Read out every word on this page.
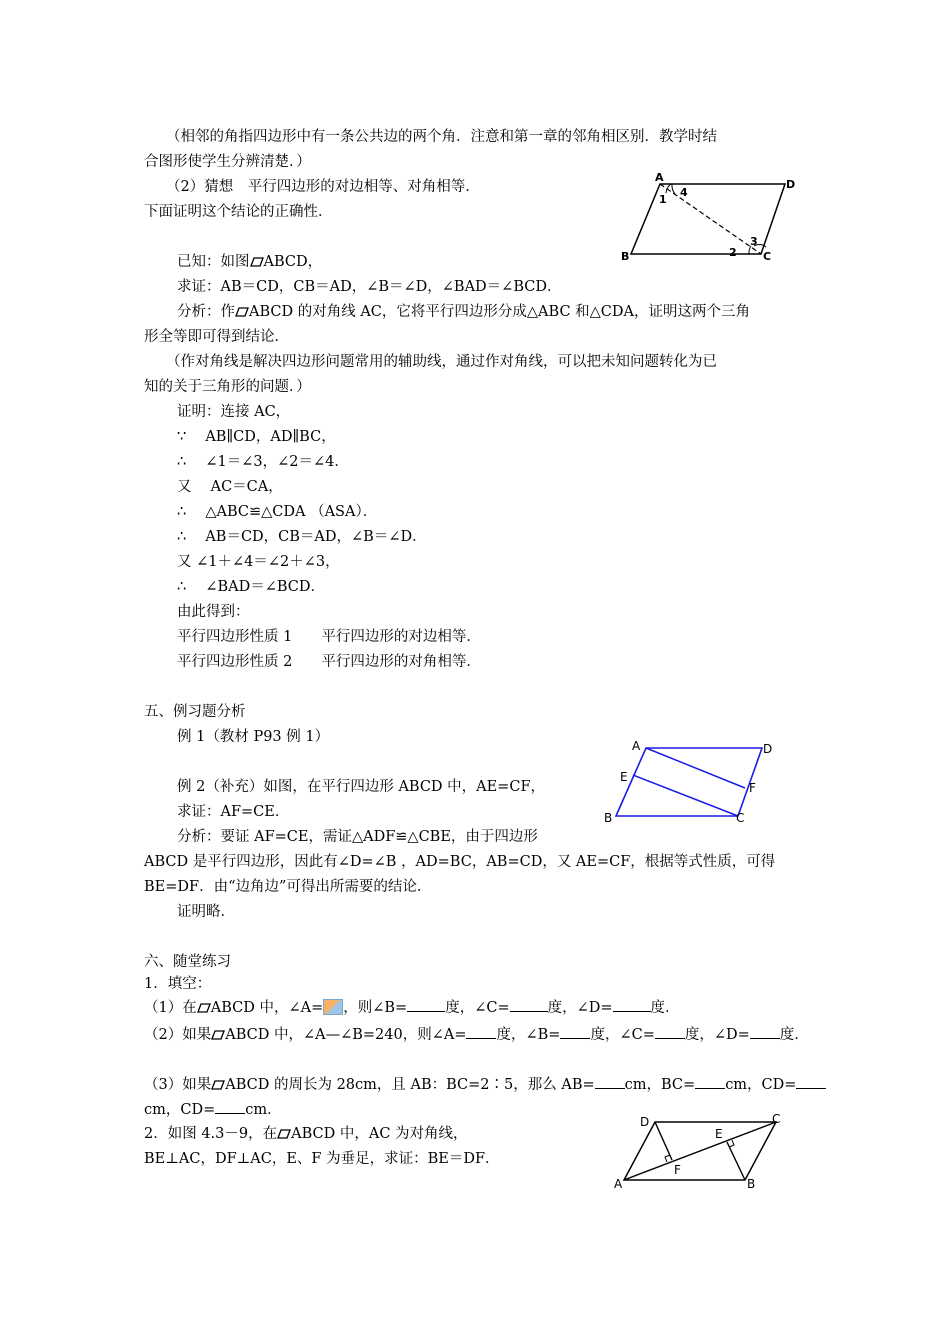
（相邻的角指四边形中有一条公共边的两个角．注意和第一章的邻角相区别．教学时结
合图形使学生分辨清楚．）
（2）猜想　平行四边形的对边相等、对角相等．
下面证明这个结论的正确性．
已知：如图 ABCD，
求证：AB＝CD，CB＝AD，∠B＝∠D，∠BAD＝∠BCD．
分析：作 ABCD 的对角线 AC，它将平行四边形分成△ABC 和△CDA，证明这两个三角
形全等即可得到结论．
（作对角线是解决四边形问题常用的辅助线，通过作对角线，可以把未知问题转化为已
知的关于三角形的问题．）
证明：连接 AC，
∵　 AB∥CD，AD∥BC，
∴　 ∠1＝∠3，∠2＝∠4．
又　 AC＝CA，
∴　 △ABC≌△CDA （ASA）．
∴　 AB＝CD，CB＝AD，∠B＝∠D．
又 ∠1＋∠4＝∠2＋∠3，
∴　 ∠BAD＝∠BCD．
由此得到：
平行四边形性质 1　　平行四边形的对边相等．
平行四边形性质 2　　平行四边形的对角相等．
A
D
B	C
1
4
2
3
五、例习题分析
例 1（教材 P93 例 1）
例 2（补充）如图，在平行四边形 ABCD 中，AE=CF，
求证：AF=CE．
分析：要证 AF=CE，需证△ADF≌△CBE，由于四边形
ABCD 是平行四边形，因此有∠D=∠B ，AD=BC，AB=CD，又 AE=CF，根据等式性质，可得
BE=DF．由“边角边”可得出所需要的结论．
证明略．
A	D
E
F
B	C
六、随堂练习
1．填空：
（1）在 ABCD 中，∠A= ，则∠B=	度，∠C=	度，∠D=	度．
（2）如果 ABCD 中，∠A—∠B=240，则∠A= 度，∠B= 度，∠C= 度，∠D= 度．
（3）如果 ABCD 的周长为 28cm，且 AB：BC=2∶5，那么 AB= cm，BC= cm，CD=
cm，CD= cm．
2．如图 4.3－9，在 ABCD 中，AC 为对角线，
BE⊥AC，DF⊥AC，E、F 为垂足，求证：BE＝DF．
D	C
E
F
A	B
